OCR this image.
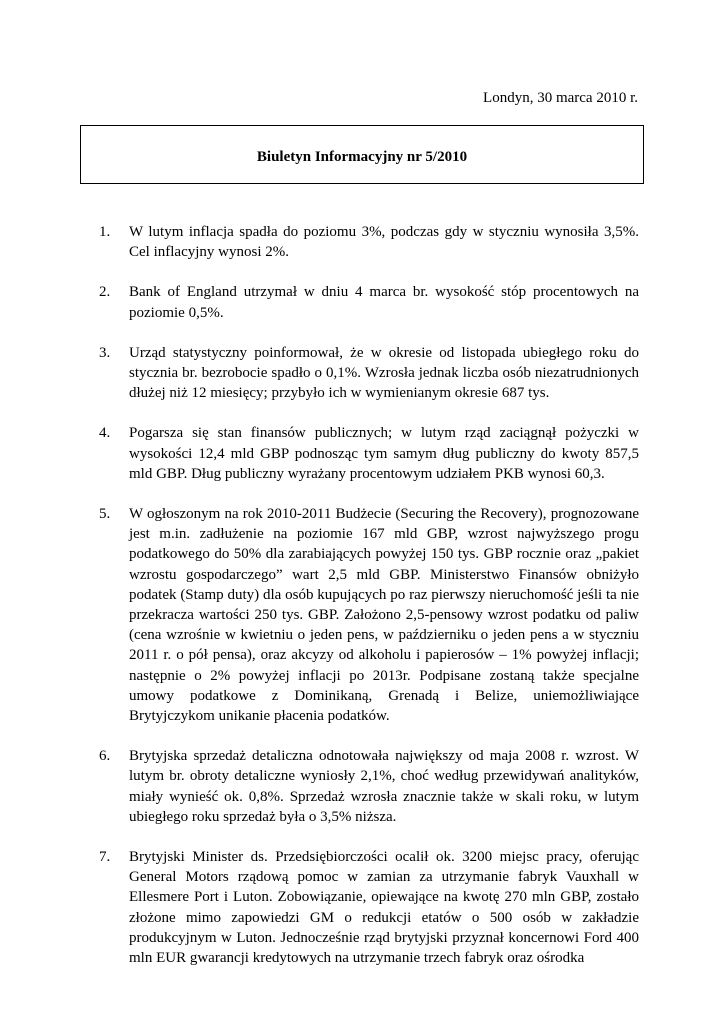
Londyn, 30 marca 2010 r.
Biuletyn Informacyjny nr 5/2010
1. W lutym inflacja spadła do poziomu 3%, podczas gdy w styczniu wynosiła 3,5%. Cel inflacyjny wynosi 2%.
2. Bank of England utrzymał w dniu 4 marca br. wysokość stóp procentowych na poziomie 0,5%.
3. Urząd statystyczny poinformował, że w okresie od listopada ubiegłego roku do stycznia br. bezrobocie spadło o 0,1%. Wzrosła jednak liczba osób niezatrudnionych dłużej niż 12 miesięcy; przybyło ich w wymienianym okresie 687 tys.
4. Pogarsza się stan finansów publicznych; w lutym rząd zaciągnął pożyczki w wysokości 12,4 mld GBP podnosząc tym samym dług publiczny do kwoty 857,5 mld GBP. Dług publiczny wyrażany procentowym udziałem PKB wynosi 60,3.
5. W ogłoszonym na rok 2010-2011 Budżecie (Securing the Recovery), prognozowane jest m.in. zadłużenie na poziomie 167 mld GBP, wzrost najwyższego progu podatkowego do 50% dla zarabiających powyżej 150 tys. GBP rocznie oraz „pakiet wzrostu gospodarczego” wart 2,5 mld GBP. Ministerstwo Finansów obniżyło podatek (Stamp duty) dla osób kupujących po raz pierwszy nieruchomość jeśli ta nie przekracza wartości 250 tys. GBP. Założono 2,5-pensowy wzrost podatku od paliw (cena wzrośnie w kwietniu o jeden pens, w październiku o jeden pens a w styczniu 2011 r. o pół pensa), oraz akcyzy od alkoholu i papierosów – 1% powyżej inflacji; następnie o 2% powyżej inflacji po 2013r. Podpisane zostaną także specjalne umowy podatkowe z Dominikaną, Grenadą i Belize, uniemożliwiające Brytyjczykom unikanie płacenia podatków.
6. Brytyjska sprzedaż detaliczna odnotowała największy od maja 2008 r. wzrost. W lutym br. obroty detaliczne wyniosły 2,1%, choć według przewidywań analityków, miały wynieść ok. 0,8%. Sprzedaż wzrosła znacznie także w skali roku, w lutym ubiegłego roku sprzedaż była o 3,5% niższa.
7. Brytyjski Minister ds. Przedsiębiorczości ocalił ok. 3200 miejsc pracy, oferując General Motors rządową pomoc w zamian za utrzymanie fabryk Vauxhall w Ellesmere Port i Luton. Zobowiązanie, opiewające na kwotę 270 mln GBP, zostało złożone mimo zapowiedzi GM o redukcji etatów o 500 osób w zakładzie produkcyjnym w Luton. Jednocześnie rząd brytyjski przyznał koncernowi Ford 400 mln EUR gwarancji kredytowych na utrzymanie trzech fabryk oraz ośrodka
